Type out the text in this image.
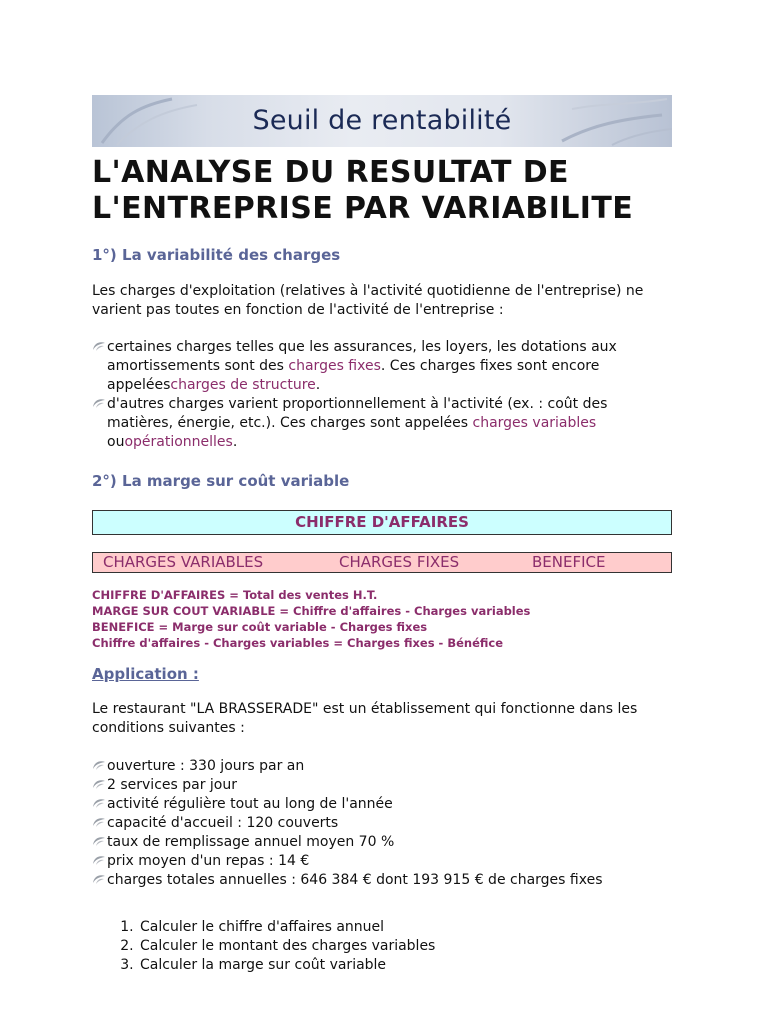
Seuil de rentabilité
L'ANALYSE DU RESULTAT DE
L'ENTREPRISE PAR VARIABILITE
1°) La variabilité des charges
Les charges d'exploitation (relatives à l'activité quotidienne de l'entreprise) ne varient pas toutes en fonction de l'activité de l'entreprise :
certaines charges telles que les assurances, les loyers, les dotations aux amortissements sont des charges fixes. Ces charges fixes sont encore appeléescharges de structure.
d'autres charges varient proportionnellement à l'activité (ex. : coût des matières, énergie, etc.). Ces charges sont appelées charges variables ouopérationnelles.
2°) La marge sur coût variable
CHIFFRE D'AFFAIRES
CHARGES VARIABLES	CHARGES FIXES	BENEFICE
CHIFFRE D'AFFAIRES = Total des ventes H.T.
MARGE SUR COUT VARIABLE = Chiffre d'affaires - Charges variables
BENEFICE = Marge sur coût variable - Charges fixes
Chiffre d'affaires - Charges variables = Charges fixes - Bénéfice
Application :
Le restaurant "LA BRASSERADE" est un établissement qui fonctionne dans les conditions suivantes :
ouverture : 330 jours par an
2 services par jour
activité régulière tout au long de l'année
capacité d'accueil : 120 couverts
taux de remplissage annuel moyen 70 %
prix moyen d'un repas : 14 €
charges totales annuelles : 646 384 € dont 193 915 € de charges fixes
1. Calculer le chiffre d'affaires annuel
2. Calculer le montant des charges variables
3. Calculer la marge sur coût variable
